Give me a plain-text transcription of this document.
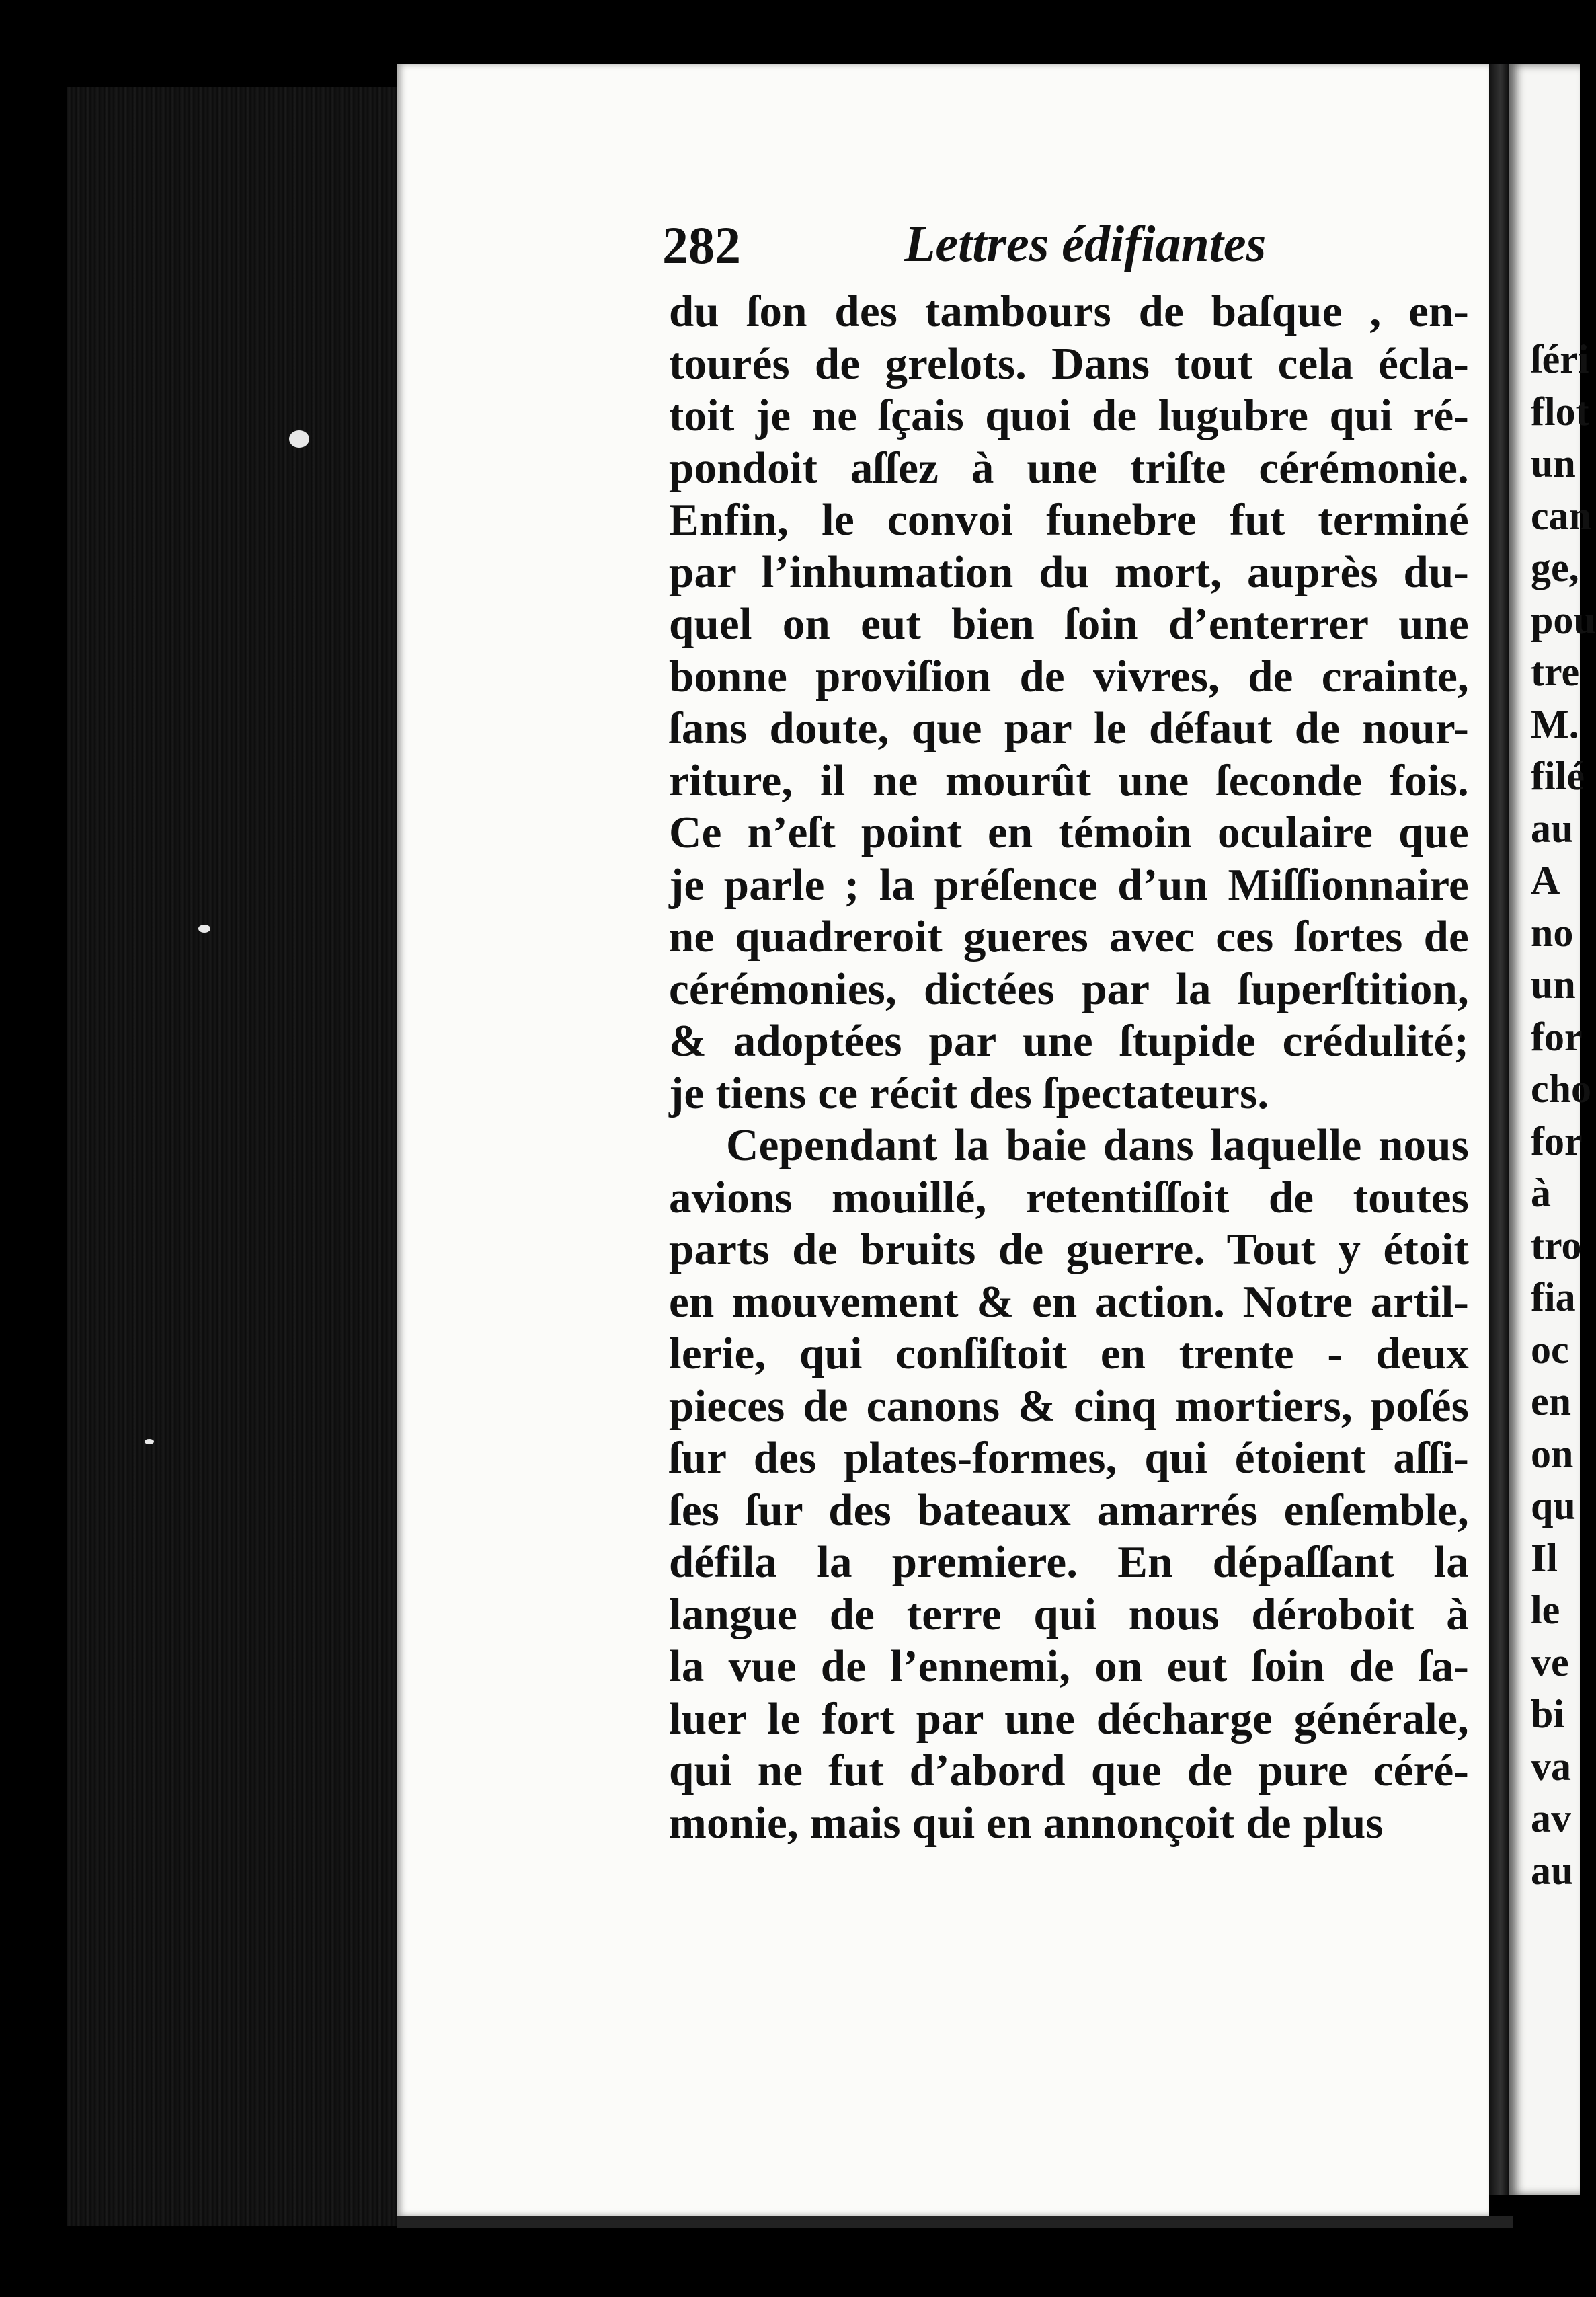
282	Lettres édifiantes
du ſon des tambours de baſque , en-
tourés de grelots. Dans tout cela écla-
toit je ne ſçais quoi de lugubre qui ré-
pondoit aſſez à une triſte cérémonie.
Enfin, le convoi funebre fut terminé
par l’inhumation du mort, auprès du-
quel on eut bien ſoin d’enterrer une
bonne proviſion de vivres, de crainte,
ſans doute, que par le défaut de nour-
riture, il ne mourût une ſeconde fois.
Ce n’eſt point en témoin oculaire que
je parle ; la préſence d’un Miſſionnaire
ne quadreroit gueres avec ces ſortes de
cérémonies, dictées par la ſuperſtition,
& adoptées par une ſtupide crédulité;
je tiens ce récit des ſpectateurs.
Cependant la baie dans laquelle nous
avions mouillé, retentiſſoit de toutes
parts de bruits de guerre. Tout y étoit
en mouvement & en action. Notre artil-
lerie, qui conſiſtoit en trente - deux
pieces de canons & cinq mortiers, poſés
ſur des plates-formes, qui étoient aſſi-
ſes ſur des bateaux amarrés enſemble,
défila la premiere. En dépaſſant la
langue de terre qui nous déroboit à
la vue de l’ennemi, on eut ſoin de ſa-
luer le fort par une décharge générale,
qui ne fut d’abord que de pure céré-
monie, mais qui en annonçoit de plus
ſéri
flot
un
can
ge,
pou
tre
M.
filé
au
A
no
un
for
cho
for
à
tro
fia
oc
en
on
qu
Il
le
ve
bi
va
av
au
